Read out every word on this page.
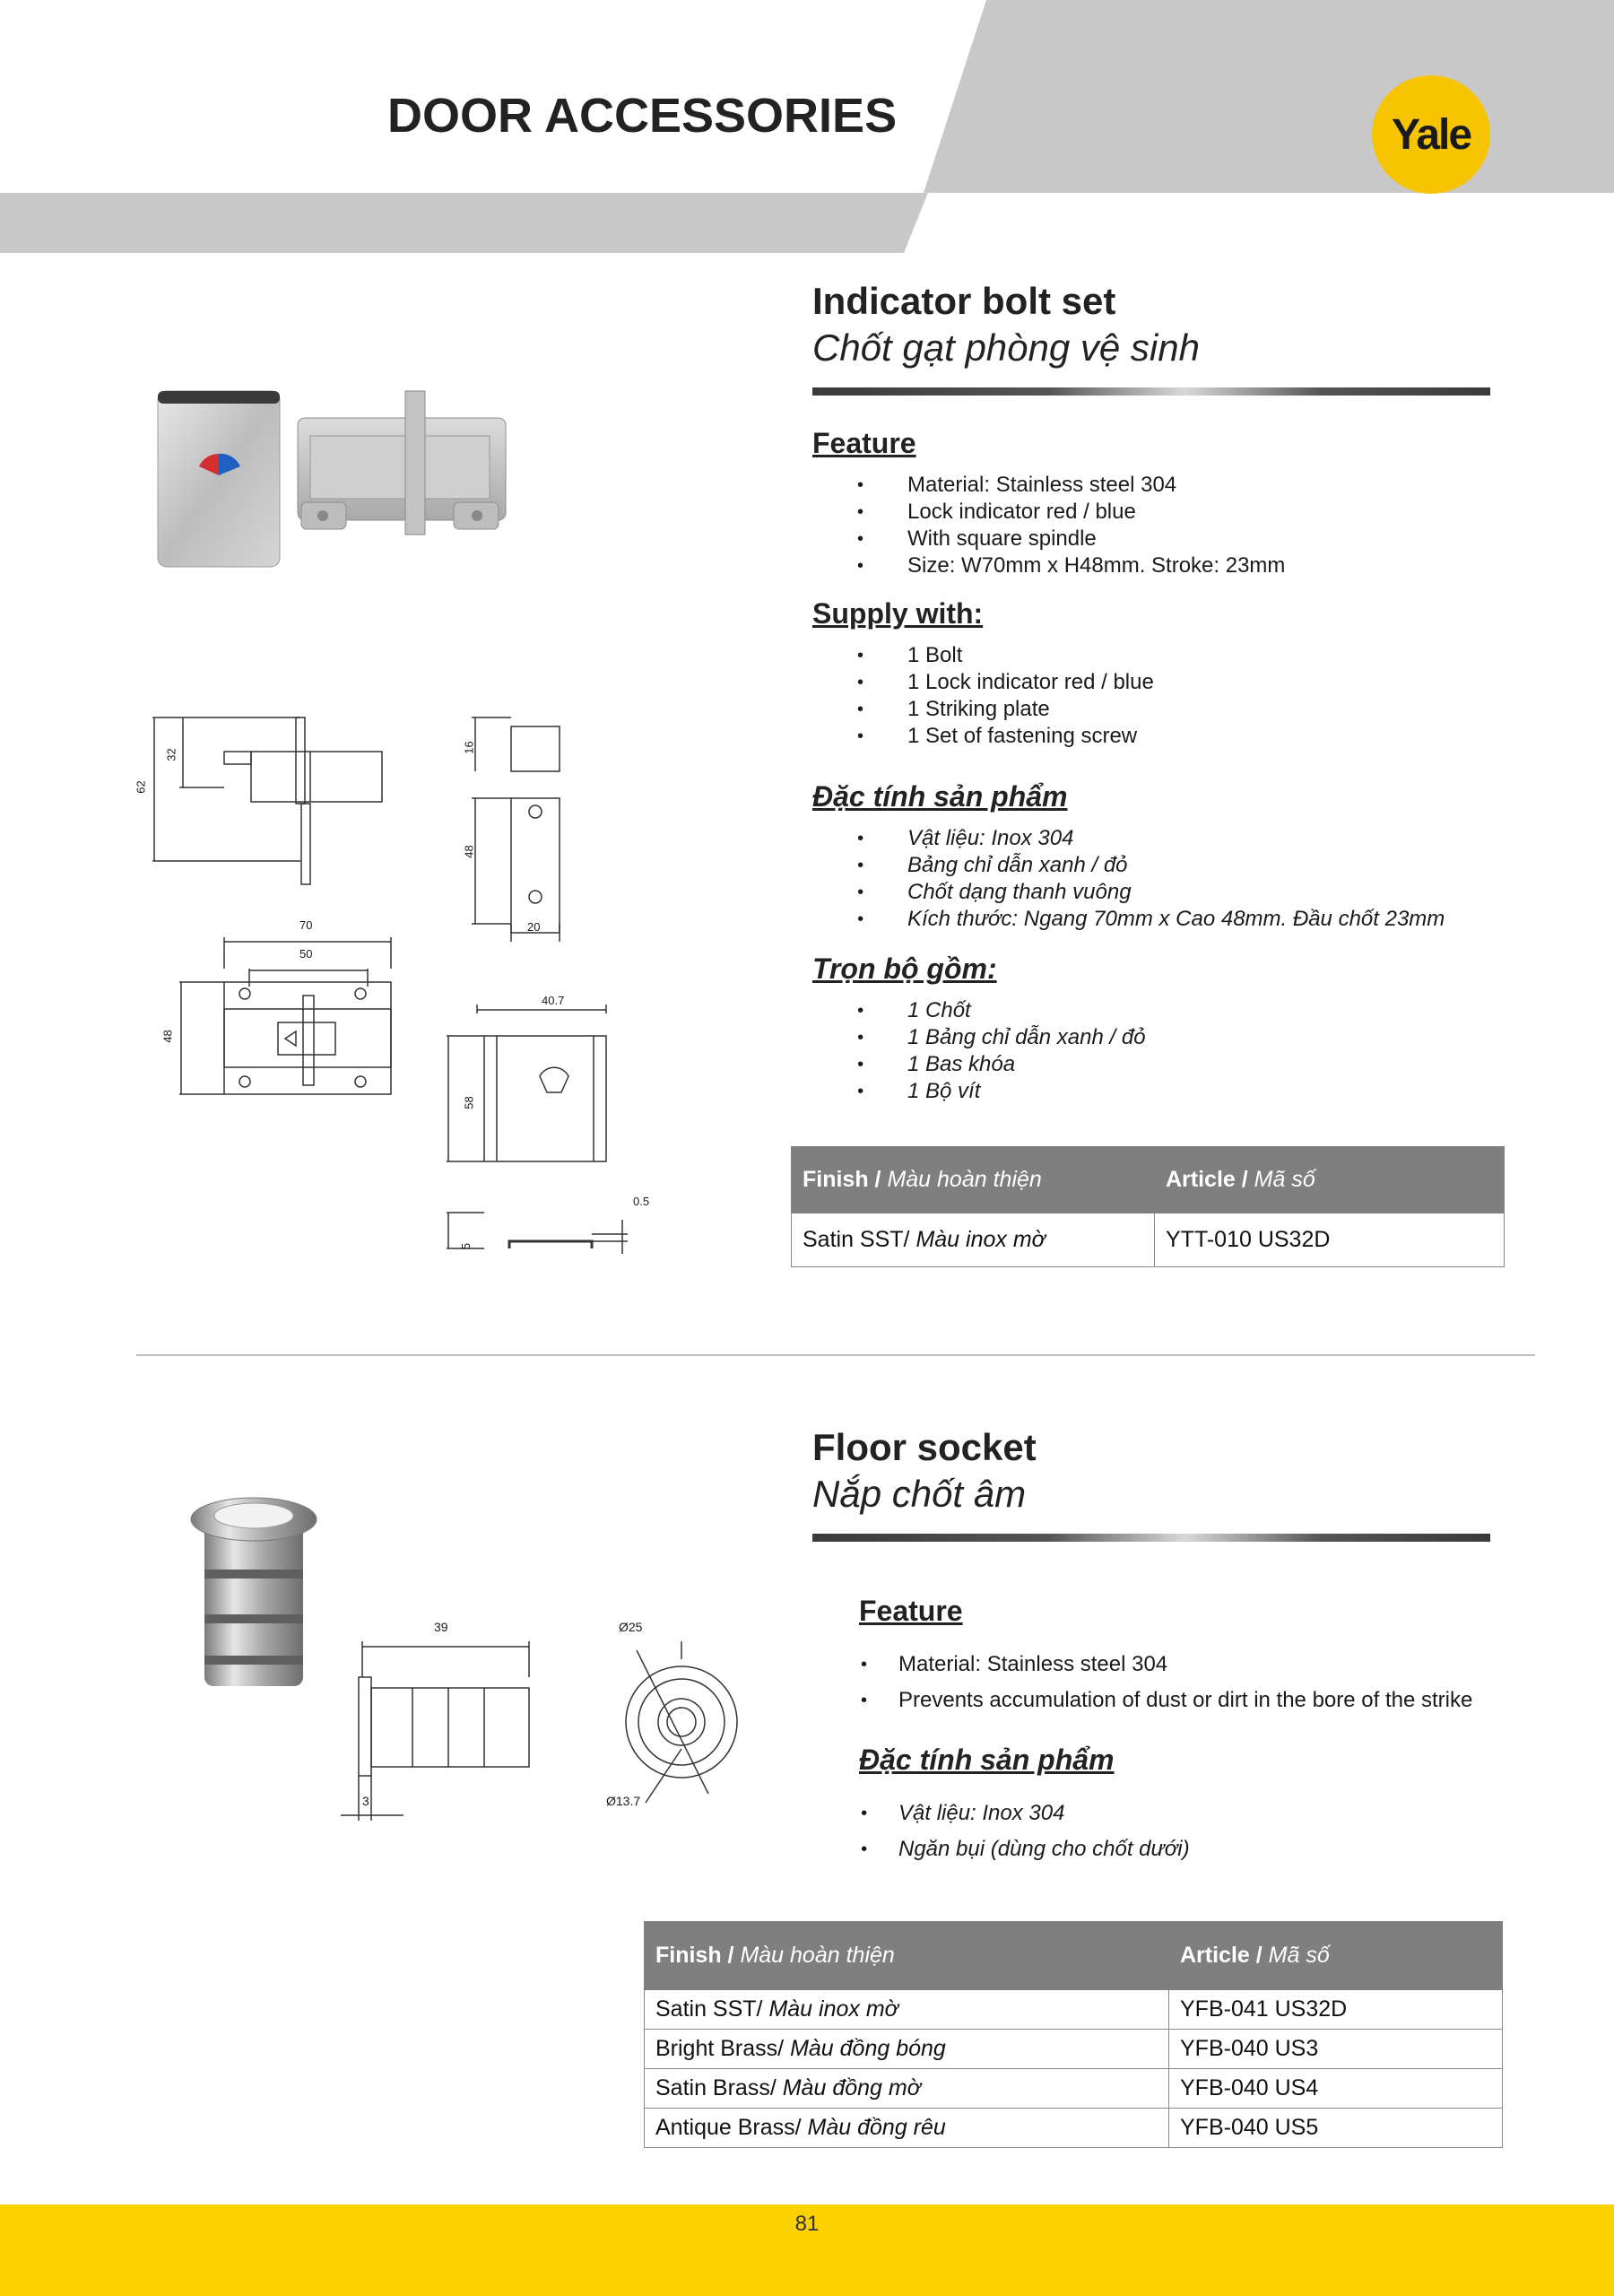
DOOR ACCESSORIES	Yale
Indicator bolt set
Chốt gạt phòng vệ sinh
Feature
• Material: Stainless steel 304
• Lock indicator red / blue
• With square spindle
• Size: W70mm x H48mm. Stroke: 23mm
Supply with:
• 1 Bolt
• 1 Lock indicator red / blue
• 1 Striking plate
• 1 Set of fastening screw
Đặc tính sản phẩm
• Vật liệu: Inox 304
• Bảng chỉ dẫn xanh / đỏ
• Chốt dạng thanh vuông
• Kích thước: Ngang 70mm x Cao 48mm. Đầu chốt 23mm
Trọn bộ gồm:
• 1 Chốt
• 1 Bảng chỉ dẫn xanh / đỏ
• 1 Bas khóa
• 1 Bộ vít
Finish / Màu hoàn thiện	Article / Mã số
Satin SST/ Màu inox mờ	YTT-010 US32D
62
32
16
48
20
70
50
48
40.7
58
0.5
5
Floor socket
Nắp chốt âm
Feature
• Material: Stainless steel 304
• Prevents accumulation of dust or dirt in the bore of the strike
Đặc tính sản phẩm
• Vật liệu: Inox 304
• Ngăn bụi (dùng cho chốt dưới)
Finish / Màu hoàn thiện	Article / Mã số
Satin SST/ Màu inox mờ	YFB-041 US32D
Bright Brass/ Màu đồng bóng	YFB-040 US3
Satin Brass/ Màu đồng mờ	YFB-040 US4
Antique Brass/ Màu đồng rêu	YFB-040 US5
39
3
Ø25
Ø13.7
81
